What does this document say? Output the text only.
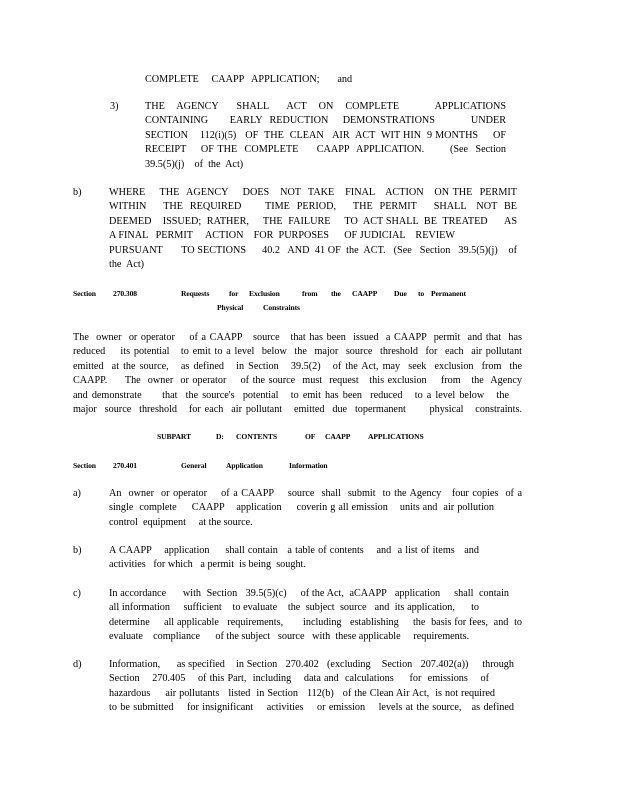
COMPLETE     CAAPP   APPLICATION;       and
3)	THE  AGENCY   SHALL   ACT  ON  COMPLETE      APPLICATIONS
CONTAINING      EARLY  REDUCTION    DEMONSTRATIONS          UNDER
SECTION    112(i)(5)   OF  THE  CLEAN   AIR  ACT  WIT HIN  9 MONTHS     OF
RECEIPT    OF THE  COMPLETE     CAAPP  APPLICATION.       (See  Section
39.5(5)(j)    of  the  Act)
b)	WHERE    THE  AGENCY    DOES   NOT  TAKE   FINAL   ACTION   ON THE  PERMIT
WITHIN     THE  REQUIRED       TIME  PERIOD,     THE  PERMIT     SHALL   NOT  BE
DEEMED    ISSUED;  RATHER,     THE  FAILURE     TO  ACT SHALL  BE  TREATED      AS
A FINAL   PERMIT     ACTION    FOR  PURPOSES      OF JUDICIAL    REVIEW
PURSUANT       TO SECTIONS      40.2   AND  41 OF  the  ACT.   (See   Section   39.5(5)(j)    of
the  Act)
Section 270.308	Requests	for Exclusion	from the CAAPP Due to Permanent
Physical	Constraints
The  owner  or operator    of a CAAPP   source   that has been  issued  a CAAPP  permit  and that  has
reduced    its potential   to emit to a level  below  the  major  source  threshold  for  each  air pollutant
emitted  at the source,   as defined   in Section   39.5(2)   of the Act, may  seek  exclusion  from  the
CAAPP.     The  owner  or operator    of the source  must  request   this exclusion    from   the  Agency
and demonstrate     that  the source's  potential   to emit has been  reduced   to a level below   the
major  source  threshold   for each  air pollutant   emitted  due  topermanent      physical   constraints.
SUBPART	D: CONTENTS	OF CAAPP APPLICATIONS
Section 270.401	General	Application	Information
a)	An  owner  or operator    of a CAAPP    source  shall  submit  to the Agency   four copies  of a
single  complete     CAAPP    application     coverin g all emission    units and  air pollution
control  equipment     at the source.
b)	A CAAPP    application     shall contain   a table of contents    and  a list of items   and
activities   for which   a permit  is being  sought.
c)	In accordance      with  Section   39.5(5)(c)     of the Act,  aCAAPP   application     shall  contain
all information     sufficient    to evaluate    the  subject  source   and  its application,      to
determine     all applicable   requirements,       including   establishing     the  basis for fees,  and  to
evaluate    compliance      of the subject   source   with  these applicable     requirements.
d)	Information,      as specified    in Section   270.402   (excluding    Section   207.402(a))     through
Section    270.405    of this Part,  including    data and  calculations     for  emissions    of
hazardous     air pollutants   listed  in Section   112(b)   of the Clean Air Act,  is not required
to be submitted    for insignificant    activities    or emission    levels at the source,   as defined
